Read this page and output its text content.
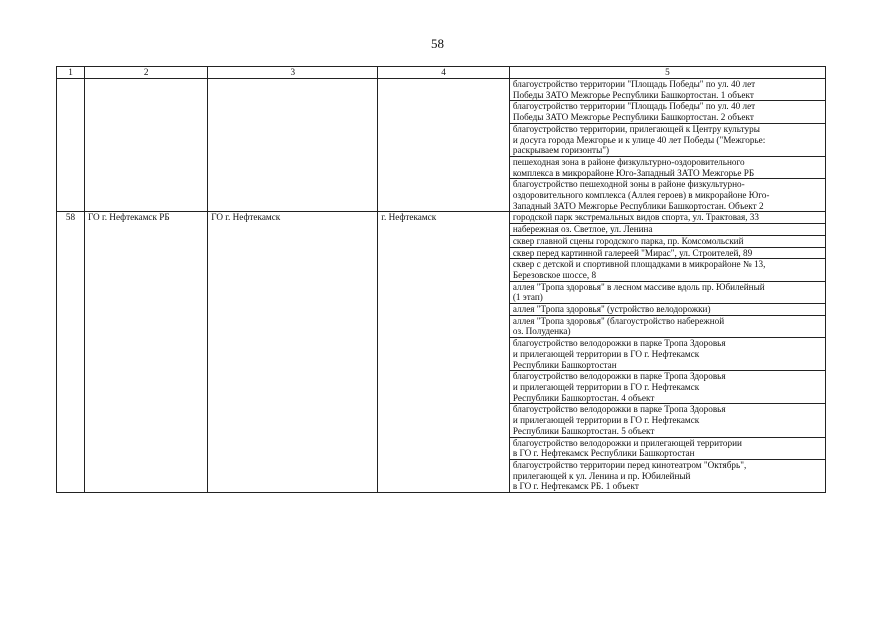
58
1	2	3	4	5

				благоустройство территории "Площадь Победы" по ул. 40 лет
Победы ЗАТО Межгорье Республики Башкортостан. 1 объект

				благоустройство территории "Площадь Победы" по ул. 40 лет
Победы ЗАТО Межгорье Республики Башкортостан. 2 объект

				благоустройство территории, прилегающей к Центру культуры
и досуга города Межгорье и к улице 40 лет Победы ("Межгорье:
раскрываем горизонты")

				пешеходная зона в районе физкультурно-оздоровительного
комплекса в микрорайоне Юго-Западный ЗАТО Межгорье РБ

				благоустройство пешеходной зоны в районе физкультурно-
оздоровительного комплекса (Аллея героев) в микрорайоне Юго-
Западный ЗАТО Межгорье Республики Башкортостан. Объект 2

58	ГО г. Нефтекамск РБ	ГО г. Нефтекамск	г. Нефтекамск	городской парк экстремальных видов спорта, ул. Трактовая, 33

				набережная оз. Светлое, ул. Ленина

				сквер главной сцены городского парка, пр. Комсомольский

				сквер перед картинной галереей "Мирас", ул. Строителей, 89

				сквер с детской и спортивной площадками в микрорайоне № 13,
Березовское шоссе, 8

				аллея "Тропа здоровья" в лесном массиве вдоль пр. Юбилейный
(1 этап)

				аллея "Тропа здоровья" (устройство велодорожки)

				аллея "Тропа здоровья" (благоустройство набережной
оз. Полуденка)

				благоустройство велодорожки в парке Тропа Здоровья
и прилегающей территории в ГО г. Нефтекамск
Республики Башкортостан

				благоустройство велодорожки в парке Тропа Здоровья
и прилегающей территории в ГО г. Нефтекамск
Республики Башкортостан. 4 объект

				благоустройство велодорожки в парке Тропа Здоровья
и прилегающей территории в ГО г. Нефтекамск
Республики Башкортостан. 5 объект

				благоустройство велодорожки и прилегающей территории
в ГО г. Нефтекамск Республики Башкортостан

				благоустройство территории перед кинотеатром "Октябрь",
прилегающей к ул. Ленина и пр. Юбилейный
в ГО г. Нефтекамск РБ. 1 объект
